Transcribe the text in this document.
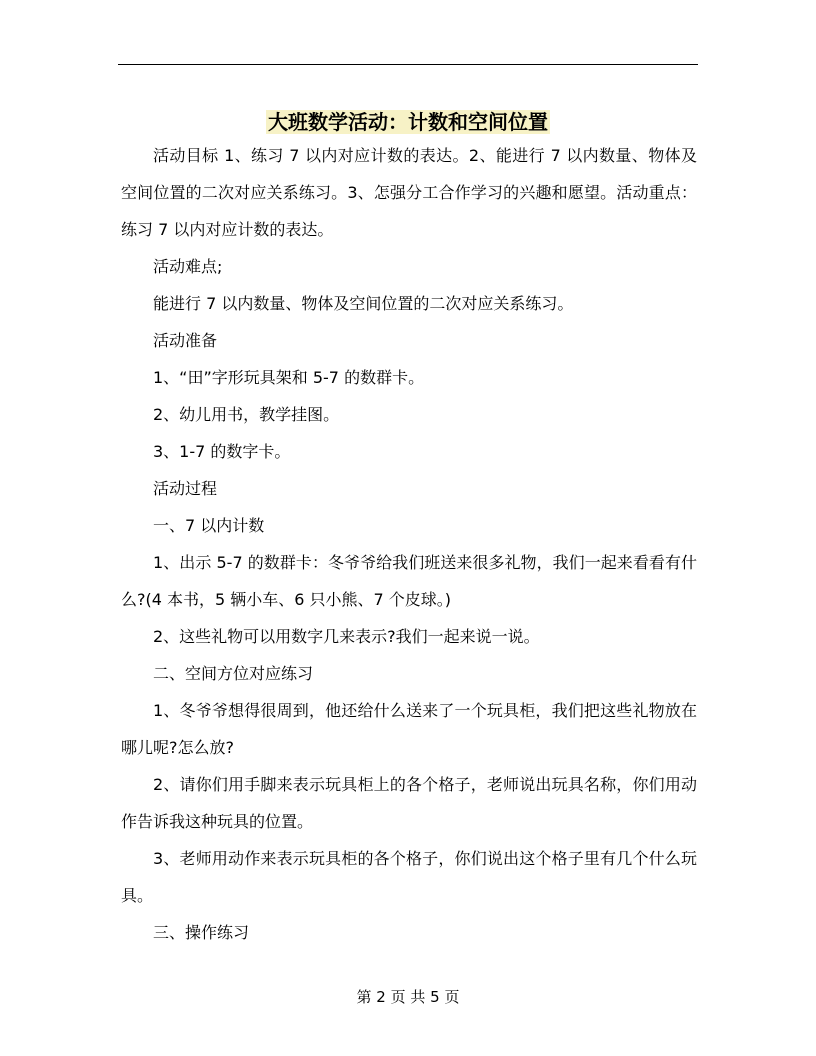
大班数学活动：计数和空间位置

活动目标 1、练习 7 以内对应计数的表达。2、能进行 7 以内数量、物体及空间位置的二次对应关系练习。3、怎强分工合作学习的兴趣和愿望。活动重点：练习 7 以内对应计数的表达。

活动难点;

能进行 7 以内数量、物体及空间位置的二次对应关系练习。

活动准备

1、“田”字形玩具架和 5-7 的数群卡。

2、幼儿用书，教学挂图。

3、1-7 的数字卡。

活动过程

一、7 以内计数

1、出示 5-7 的数群卡：冬爷爷给我们班送来很多礼物，我们一起来看看有什么?(4 本书，5 辆小车、6 只小熊、7 个皮球。)

2、这些礼物可以用数字几来表示?我们一起来说一说。

二、空间方位对应练习

1、冬爷爷想得很周到，他还给什么送来了一个玩具柜，我们把这些礼物放在哪儿呢?怎么放?

2、请你们用手脚来表示玩具柜上的各个格子，老师说出玩具名称，你们用动作告诉我这种玩具的位置。

3、老师用动作来表示玩具柜的各个格子，你们说出这个格子里有几个什么玩具。

三、操作练习

第 2 页 共 5 页
